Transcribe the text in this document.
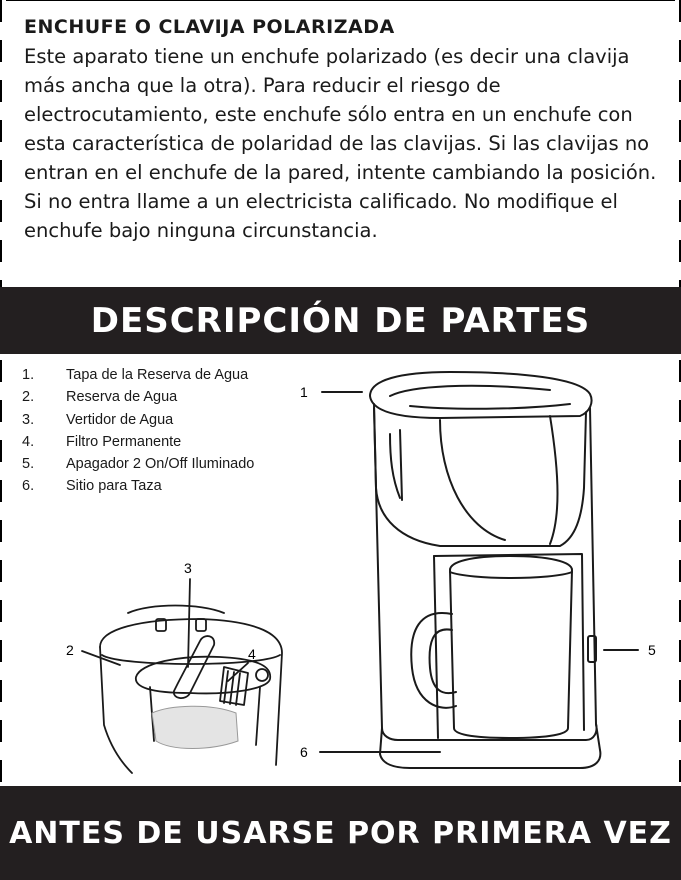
ENCHUFE O CLAVIJA POLARIZADA

Este aparato tiene un enchufe polarizado (es decir una clavija más ancha que la otra). Para reducir el riesgo de electrocutamiento, este enchufe sólo entra en un enchufe con esta característica de polaridad de las clavijas. Si las clavijas no entran en el enchufe de la pared, intente cambiando la posición. Si no entra llame a un electricista calificado. No modifique el enchufe bajo ninguna circunstancia.

DESCRIPCIÓN DE PARTES
1.	Tapa de la Reserva de Agua
2.	Reserva de Agua
3.	Vertidor de Agua
4.	Filtro Permanente
5.	Apagador 2 On/Off Iluminado
6.	Sitio para Taza
1
5
6
3
2	4
ANTES DE USARSE POR PRIMERA VEZ
